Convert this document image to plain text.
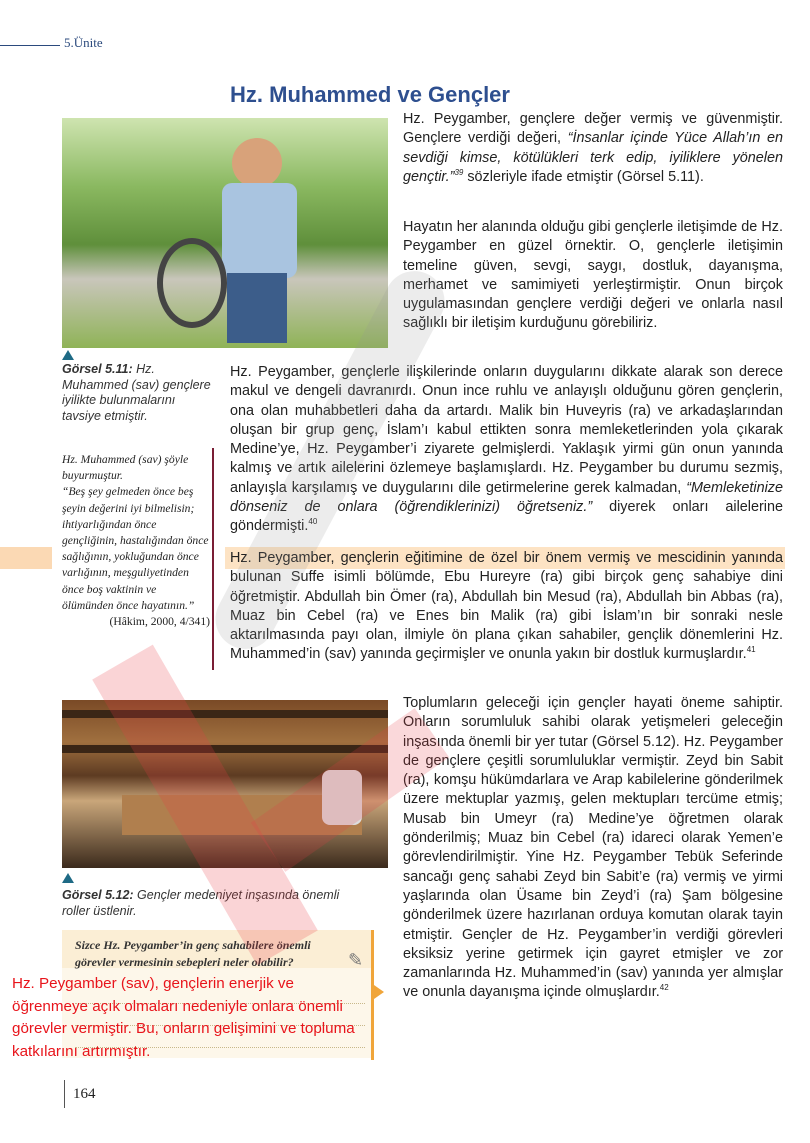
5.Ünite
Hz. Muhammed ve Gençler
Görsel 5.11: Hz. Muhammed (sav) gençlere iyilikte bulunmalarını tavsiye etmiştir.
Hz. Muhammed (sav) şöyle buyurmuştur.
“Beş şey gelmeden önce beş şeyin değerini iyi bilmelisin; ihtiyarlığından önce gençliğinin, hastalığından önce sağlığının, yokluğundan önce varlığının, meşguliyetinden önce boş vaktinin ve ölümünden önce hayatının.”
(Hâkim, 2000, 4/341)
Hz. Peygamber, gençlere değer vermiş ve güvenmiştir. Gençlere verdiği değeri, “İnsanlar içinde Yüce Allah’ın en sevdiği kimse, kötülükleri terk edip, iyiliklere yönelen gençtir.”$^{39}$ sözleriyle ifade etmiştir (Görsel 5.11).
Hayatın her alanında olduğu gibi gençlerle iletişimde de Hz. Peygamber en güzel örnektir. O, gençlerle iletişimin temeline güven, sevgi, saygı, dostluk, dayanışma, merhamet ve samimiyeti yerleştirmiştir. Onun birçok uygulamasından gençlere verdiği değeri ve onlarla nasıl sağlıklı bir iletişim kurduğunu görebiliriz.
Hz. Peygamber, gençlerle ilişkilerinde onların duygularını dikkate alarak son derece makul ve dengeli davranırdı. Onun ince ruhlu ve anlayışlı olduğunu gören gençlerin, ona olan muhabbetleri daha da artardı. Malik bin Huveyris (ra) ve arkadaşlarından oluşan bir grup genç, İslam’ı kabul ettikten sonra memleketlerinden yola çıkarak Medine’ye, Hz. Peygamber’i ziyarete gelmişlerdi. Yaklaşık yirmi gün onun yanında kalmış ve artık ailelerini özlemeye başlamışlardı. Hz. Peygamber bu durumu sezmiş, anlayışla karşılamış ve duygularını dile getirmelerine gerek kalmadan, “Memleketinize dönseniz de onlara (öğrendiklerinizi) öğretseniz.” diyerek onları ailelerine göndermişti.$^{40}$
Hz. Peygamber, gençlerin eğitimine de özel bir önem vermiş ve mescidinin yanında bulunan Suffe isimli bölümde, Ebu Hureyre (ra) gibi birçok genç sahabiye dini öğretmiştir. Abdullah bin Ömer (ra), Abdullah bin Mesud (ra), Abdullah bin Abbas (ra), Muaz bin Cebel (ra) ve Enes bin Malik (ra) gibi İslam’ın bir sonraki nesle aktarılmasında payı olan, ilmiyle ön plana çıkan sahabiler, gençlik dönemlerini Hz. Muhammed’in (sav) yanında geçirmişler ve onunla yakın bir dostluk kurmuşlardır.$^{41}$
Görsel 5.12: Gençler medeniyet inşasında önemli roller üstlenir.
Toplumların geleceği için gençler hayati öneme sahiptir. Onların sorumluluk sahibi olarak yetişmeleri geleceğin inşasında önemli bir yer tutar (Görsel 5.12). Hz. Peygamber de gençlere çeşitli sorumluluklar vermiştir. Zeyd bin Sabit (ra), komşu hükümdarlara ve Arap kabilelerine gönderilmek üzere mektuplar yazmış, gelen mektupları tercüme etmiş; Musab bin Umeyr (ra) Medine’ye öğretmen olarak gönderilmiş; Muaz bin Cebel (ra) idareci olarak Yemen’e görevlendirilmiştir. Yine Hz. Peygamber Tebük Seferinde sancağı genç sahabi Zeyd bin Sabit’e (ra) vermiş ve yirmi yaşlarında olan Üsame bin Zeyd’i (ra) Şam bölgesine gönderilmek üzere hazırlanan orduya komutan olarak tayin etmiştir. Gençler de Hz. Peygamber’in verdiği görevleri eksiksiz yerine getirmek için gayret etmişler ve zor zamanlarında Hz. Muhammed’in (sav) yanında yer almışlar ve onunla dayanışma içinde olmuşlardır.$^{42}$
Sizce Hz. Peygamber’in genç sahabilere önemli görevler vermesinin sebepleri neler olabilir?	✎
Hz. Peygamber (sav), gençlerin enerjik ve öğrenmeye açık olmaları nedeniyle onlara önemli görevler vermiştir. Bu, onların gelişimini ve topluma katkılarını artırmıştır.
164
